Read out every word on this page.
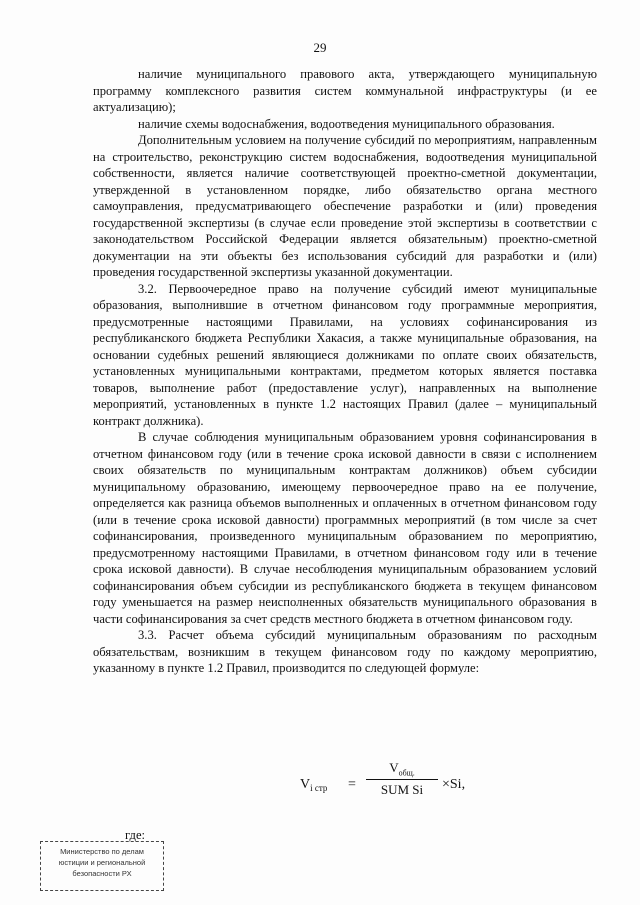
29

наличие муниципального правового акта, утверждающего муниципальную программу комплексного развития систем коммунальной инфраструктуры (и ее актуализацию);

наличие схемы водоснабжения, водоотведения муниципального образования.

Дополнительным условием на получение субсидий по мероприятиям, направленным на строительство, реконструкцию систем водоснабжения, водоотведения муниципальной собственности, является наличие соответствующей проектно-сметной документации, утвержденной в установленном порядке, либо обязательство органа местного самоуправления, предусматривающего обеспечение разработки и (или) проведения государственной экспертизы (в случае если проведение этой экспертизы в соответствии с законодательством Российской Федерации является обязательным) проектно-сметной документации на эти объекты без использования субсидий для разработки и (или) проведения государственной экспертизы указанной документации.

3.2. Первоочередное право на получение субсидий имеют муниципальные образования, выполнившие в отчетном финансовом году программные мероприятия, предусмотренные настоящими Правилами, на условиях софинансирования из республиканского бюджета Республики Хакасия, а также муниципальные образования, на основании судебных решений являющиеся должниками по оплате своих обязательств, установленных муниципальными контрактами, предметом которых является поставка товаров, выполнение работ (предоставление услуг), направленных на выполнение мероприятий, установленных в пункте 1.2 настоящих Правил (далее – муниципальный контракт должника).

В случае соблюдения муниципальным образованием уровня софинансирования в отчетном финансовом году (или в течение срока исковой давности в связи с исполнением своих обязательств по муниципальным контрактам должников) объем субсидии муниципальному образованию, имеющему первоочередное право на ее получение, определяется как разница объемов выполненных и оплаченных в отчетном финансовом году (или в течение срока исковой давности) программных мероприятий (в том числе за счет софинансирования, произведенного муниципальным образованием по мероприятию, предусмотренному настоящими Правилами, в отчетном финансовом году или в течение срока исковой давности). В случае несоблюдения муниципальным образованием условий софинансирования объем субсидии из республиканского бюджета в текущем финансовом году уменьшается на размер неисполненных обязательств муниципального образования в части софинансирования за счет средств местного бюджета в отчетном финансовом году.

3.3. Расчет объема субсидий муниципальным образованиям по расходным обязательствам, возникшим в текущем финансовом году по каждому мероприятию, указанному в пункте 1.2 Правил, производится по следующей формуле:

$V_{i стр}$ =
$V_{общ.}$
SUM Si	×Si,
где:
Министерство по делам
юстиции и региональной
безопасности РХ
